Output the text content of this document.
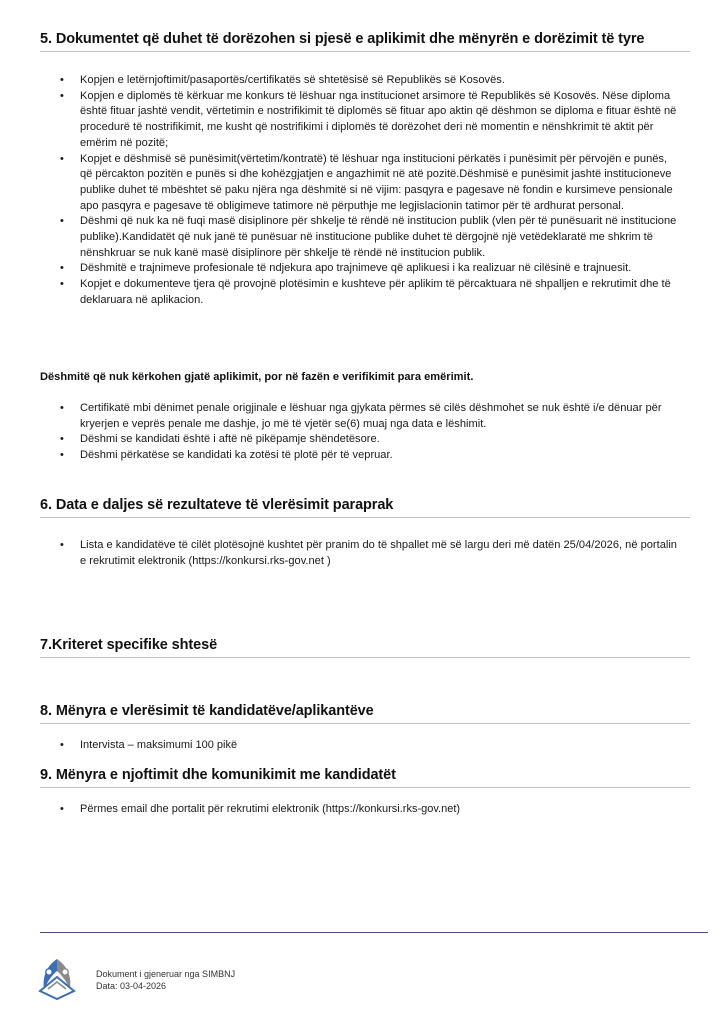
5. Dokumentet që duhet të dorëzohen si pjesë e aplikimit dhe mënyrën e dorëzimit të tyre
• Kopjen e letërnjoftimit/pasaportës/certifikatës së shtetësisë së Republikës së Kosovës.
• Kopjen e diplomës të kërkuar me konkurs të lëshuar nga institucionet arsimore të Republikës së Kosovës. Nëse diploma është fituar jashtë vendit, vërtetimin e nostrifikimit të diplomës së fituar apo aktin që dëshmon se diploma e fituar është në procedurë të nostrifikimit, me kusht që nostrifikimi i diplomës të dorëzohet deri në momentin e nënshkrimit të aktit për emërim në pozitë;
• Kopjet e dëshmisë së punësimit(vërtetim/kontratë) të lëshuar nga institucioni përkatës i punësimit për përvojën e punës, që përcakton pozitën e punës si dhe kohëzgjatjen e angazhimit në atë pozitë.Dëshmisë e punësimit jashtë institucioneve publike duhet të mbështet së paku njëra nga dëshmitë si në vijim: pasqyra e pagesave në fondin e kursimeve pensionale apo pasqyra e pagesave të obligimeve tatimore në përputhje me legjislacionin tatimor për të ardhurat personal.
• Dëshmi që nuk ka në fuqi masë disiplinore për shkelje të rëndë në institucion publik (vlen për të punësuarit në institucione publike).Kandidatët që nuk janë të punësuar në institucione publike duhet të dërgojnë një vetëdeklaratë me shkrim të nënshkruar se nuk kanë masë disiplinore për shkelje të rëndë në institucion publik.
• Dëshmitë e trajnimeve profesionale të ndjekura apo trajnimeve që aplikuesi i ka realizuar në cilësinë e trajnuesit.
• Kopjet e dokumenteve tjera që provojnë plotësimin e kushteve për aplikim të përcaktuara në shpalljen e rekrutimit dhe të deklaruara në aplikacion.
Dëshmitë që nuk kërkohen gjatë aplikimit, por në fazën e verifikimit para emërimit.
• Certifikatë mbi dënimet penale origjinale e lëshuar nga gjykata përmes së cilës dëshmohet se nuk është i/e dënuar për kryerjen e veprës penale me dashje, jo më të vjetër se(6) muaj nga data e lëshimit.
• Dëshmi se kandidati është i aftë në pikëpamje shëndetësore.
• Dëshmi përkatëse se kandidati ka zotësi të plotë për të vepruar.
6. Data e daljes së rezultateve të vlerësimit paraprak
• Lista e kandidatëve të cilët plotësojnë kushtet për pranim do të shpallet më së largu deri më datën 25/04/2026, në portalin e rekrutimit elektronik (https://konkursi.rks-gov.net )
7.Kriteret specifike shtesë
8. Mënyra e vlerësimit të kandidatëve/aplikantëve
• Intervista – maksimumi 100 pikë
9. Mënyra e njoftimit dhe komunikimit me kandidatët
• Përmes email dhe portalit për rekrutimi elektronik (https://konkursi.rks-gov.net)
Dokument i gjeneruar nga SIMBNJ
Data: 03-04-2026
